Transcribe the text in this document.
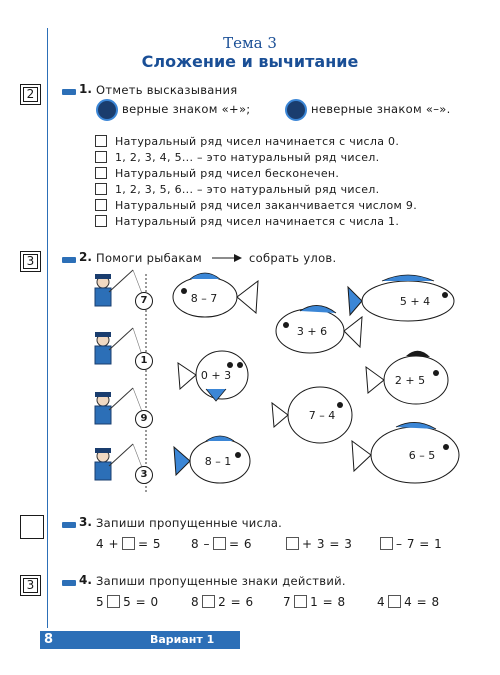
Тема 3
Сложение и вычитание
2
3
3
1. Отметь высказывания
верные знаком «+»;	неверные знаком «–».
Натуральный ряд чисел начинается с числа 0.
1, 2, 3, 4, 5... – это натуральный ряд чисел.
Натуральный ряд чисел бесконечен.
1, 2, 3, 5, 6... – это натуральный ряд чисел.
Натуральный ряд чисел заканчивается числом 9.
Натуральный ряд чисел начинается с числа 1.
2. Помоги рыбакам	собрать улов.
7
1
9
3
8 – 7	5 + 4
3 + 6
0 + 3	2 + 5
7 – 4
8 – 1	6 – 5
3. Запиши пропущенные числа.
4 + = 5 8 – = 6	+ 3 = 3	– 7 = 1
4. Запиши пропущенные знаки действий.
5 5 = 0	8 2 = 6 7 1 = 8	4 4 = 8
8	Вариант 1
